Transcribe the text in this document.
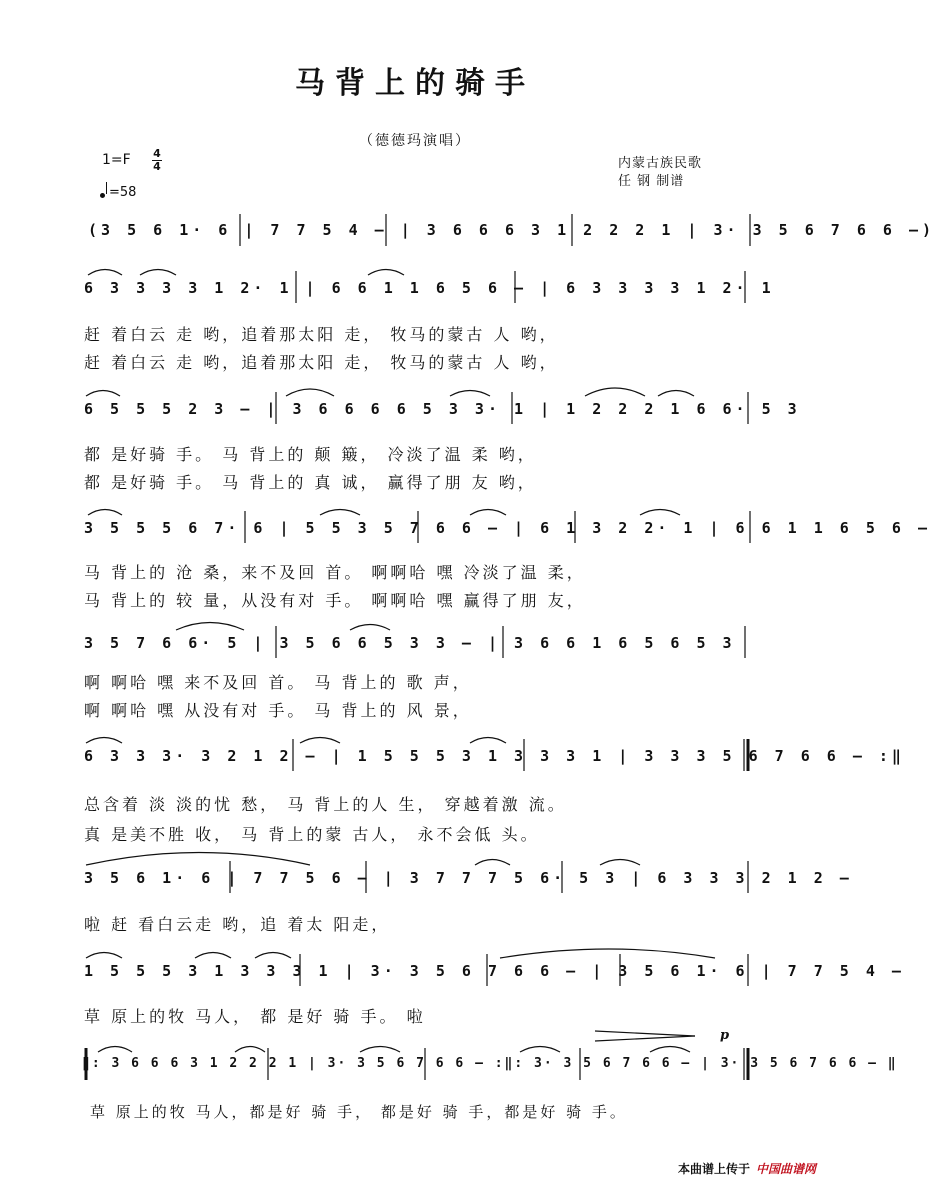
马背上的骑手
（德德玛演唱）
1=F 4
4
=58
内蒙古族民歌
任 钢 制谱
(3 5 6 1· 6 | 7 7 5 4 – | 3 6 6 6 3 1 2 2 2 1 | 3· 3 5 6 7 6 6 –)
6 3 3 3 3 1 2· 1 | 6 6 1 1 6 5 6 – | 6 3 3 3 3 1 2· 1
赶 着白云 走 哟，追着那太阳 走， 牧马的蒙古 人 哟，
赶 着白云 走 哟，追着那太阳 走， 牧马的蒙古 人 哟，
6 5 5 5 2 3 – | 3 6 6 6 6 5 3 3· 1 | 1 2 2 2 1 6 6· 5 3
都 是好骑 手。 马 背上的 颠 簸， 冷淡了温 柔 哟，
都 是好骑 手。 马 背上的 真 诚， 赢得了朋 友 哟，
3 5 5 5 6 7· 6 | 5 5 3 5 7 6 6 – | 6 1 3 2 2· 1 | 6 6 1 1 6 5 6 –
马 背上的 沧 桑，来不及回 首。 啊啊哈 嘿 冷淡了温 柔，
马 背上的 较 量，从没有对 手。 啊啊哈 嘿 赢得了朋 友，
3 5 7 6 6· 5 | 3 5 6 6 5 3 3 – | 3 6 6 1 6 5 6 5 3
啊 啊哈 嘿 来不及回 首。 马 背上的 歌 声，
啊 啊哈 嘿 从没有对 手。 马 背上的 风 景，
6 3 3 3· 3 2 1 2 – | 1 5 5 5 3 1 3 3 3 1 | 3 3 3 5 6 7 6 6 – :‖
总含着 淡 淡的忧 愁， 马 背上的人 生， 穿越着激 流。
真 是美不胜 收， 马 背上的蒙 古人， 永不会低 头。
3 5 6 1· 6 | 7 7 5 6 – | 3 7 7 7 5 6· 5 3 | 6 3 3 3 2 1 2 –
啦 赶 看白云走 哟，追 着太 阳走，
1 5 5 5 3 1 3 3 3 1 | 3· 3 5 6 7 6 6 – | 3 5 6 1· 6 | 7 7 5 4 –
草 原上的牧 马人， 都 是好 骑 手。 啦
‖: 3 6 6 6 3 1 2 2 2 1 | 3· 3 5 6 7 6 6 – :‖: 3· 3 5 6 7 6 6 – | 3· 3 5 6 7 6 6 – ‖
草 原上的牧 马人，都是好 骑 手， 都是好 骑 手，都是好 骑 手。
p
本曲谱上传于 中国曲谱网
